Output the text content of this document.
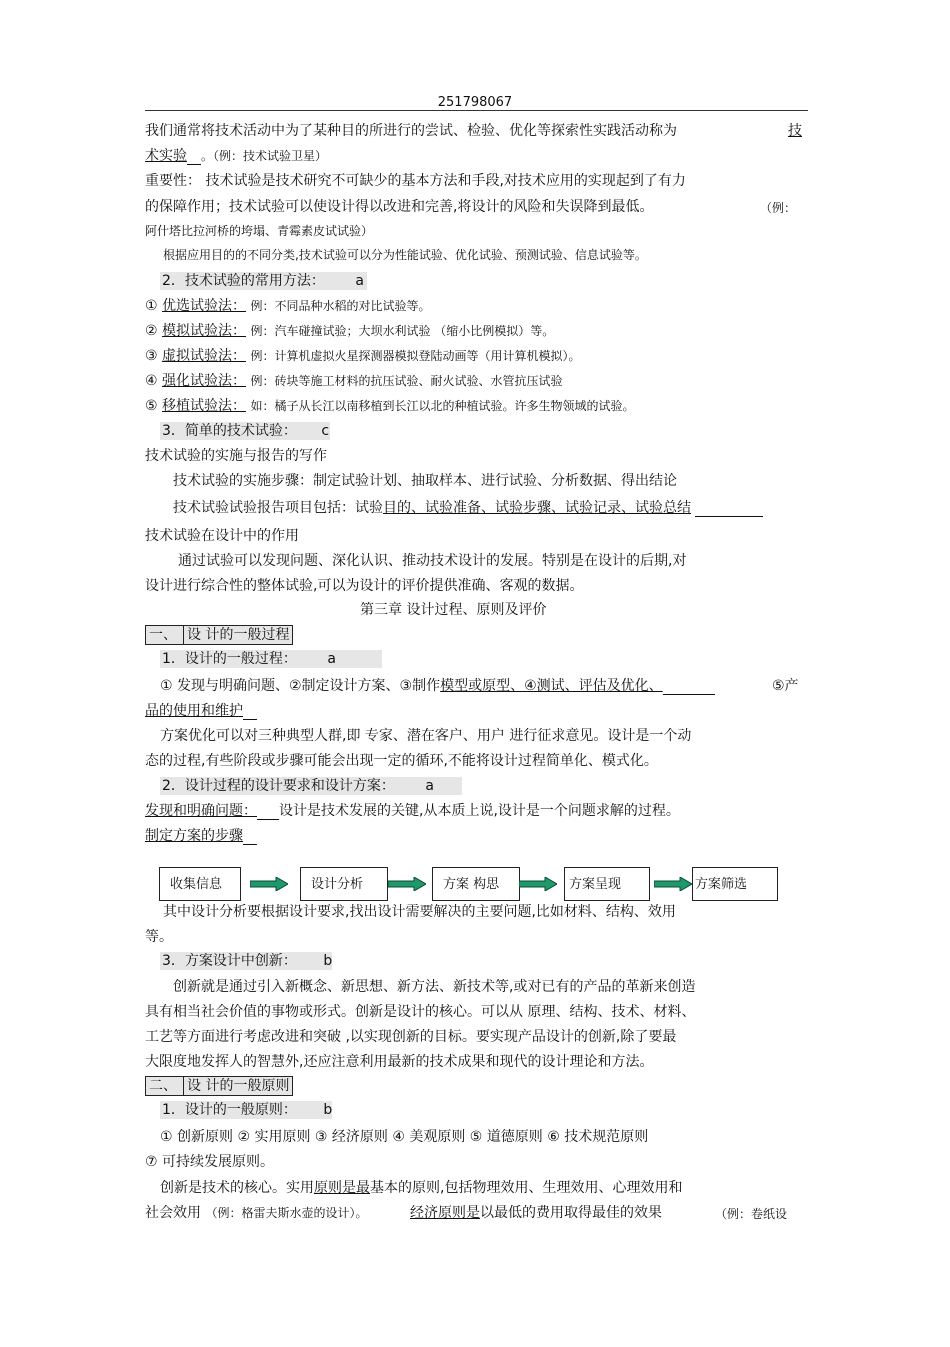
251798067
我们通常将技术活动中为了某种目的所进行的尝试、检验、优化等探索性实践活动称为	技
术实验 。（例：技术试验卫星）
重要性： 技术试验是技术研究不可缺少的基本方法和手段,对技术应用的实现起到了有力
的保障作用；技术试验可以使设计得以改进和完善,将设计的风险和失误降到最低。	（例：
阿什塔比拉河桥的垮塌、青霉素皮试试验）
根据应用目的的不同分类,技术试验可以分为性能试验、优化试验、预测试验、信息试验等。
2．技术试验的常用方法： a
① 优选试验法： 例：不同品种水稻的对比试验等。
② 模拟试验法： 例：汽车碰撞试验；大坝水利试验 （缩小比例模拟）等。
③ 虚拟试验法： 例：计算机虚拟火星探测器模拟登陆动画等（用计算机模拟）。
④ 强化试验法： 例：砖块等施工材料的抗压试验、耐火试验、水管抗压试验
⑤ 移植试验法： 如：橘子从长江以南移植到长江以北的种植试验。许多生物领域的试验。
3．简单的技术试验： c
技术试验的实施与报告的写作
技术试验的实施步骤：制定试验计划、抽取样本、进行试验、分析数据、得出结论
技术试验试验报告项目包括：试验目的、试验准备、试验步骤、试验记录、试验总结
技术试验在设计中的作用
通过试验可以发现问题、深化认识、推动技术设计的发展。特别是在设计的后期,对
设计进行综合性的整体试验,可以为设计的评价提供准确、客观的数据。
第三章 设计过程、原则及评价
一、 设 计的一般过程
1．设计的一般过程： a
① 发现与明确问题、②制定设计方案、③制作模型或原型、④测试、评估及优化、	⑤产
品的使用和维护
方案优化可以对三种典型人群,即 专家、潜在客户、用户 进行征求意见。设计是一个动
态的过程,有些阶段或步骤可能会出现一定的循环,不能将设计过程简单化、模式化。
2．设计过程的设计要求和设计方案： a
发现和明确问题： 设计是技术发展的关键,从本质上说,设计是一个问题求解的过程。
制定方案的步骤
收集信息	设计分析	方案 构思	方案呈现	方案筛选
其中设计分析要根据设计要求,找出设计需要解决的主要问题,比如材料、结构、效用
等。
3．方案设计中创新： b
创新就是通过引入新概念、新思想、新方法、新技术等,或对已有的产品的革新来创造
具有相当社会价值的事物或形式。创新是设计的核心。可以从 原理、结构、技术、材料、
工艺等方面进行考虑改进和突破 ,以实现创新的目标。要实现产品设计的创新,除了要最
大限度地发挥人的智慧外,还应注意利用最新的技术成果和现代的设计理论和方法。
二、 设 计的一般原则
1．设计的一般原则： b
① 创新原则 ② 实用原则 ③ 经济原则 ④ 美观原则 ⑤ 道德原则 ⑥ 技术规范原则
⑦ 可持续发展原则。
创新是技术的核心。实用原则是最基本的原则,包括物理效用、生理效用、心理效用和
社会效用 （例：格雷夫斯水壶的设计）。	经济原则是以最低的费用取得最佳的效果	（例：卷纸设
